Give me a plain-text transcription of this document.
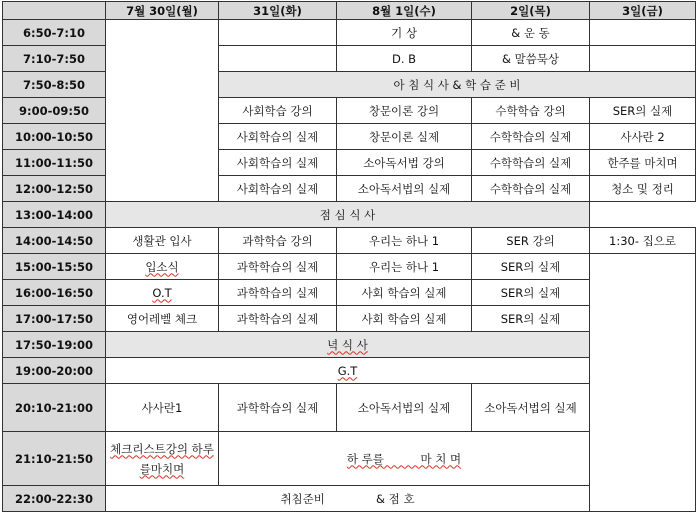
	7월 30일(월)	31일(화)	8월 1일(수)	2일(목)	3일(금)
6:50-7:10			기 상	& 운 동	
7:10-7:50			D. B	& 말씀묵상	
7:50-8:50		아 침 식 사 & 학 습 준 비			
9:00-09:50		사회학습 강의	창문이론 강의	수학학습 강의	SER의 실제
10:00-10:50		사회학습의 실제	창문이론 실제	수학학습의 실제	사사란 2
11:00-11:50		사회학습의 실제	소아독서법 강의	수학학습의 실제	한주를 마치며
12:00-12:50		사회학습의 실제	소아독서법의 실제	수학학습의 실제	청소 및 정리
13:00-14:00	점 심 식 사				
14:00-14:50	생활관 입사	과학학습 강의	우리는 하나 1	SER 강의	1:30- 집으로
15:00-15:50	입소식	과학학습의 실제	우리는 하나 1	SER의 실제	
16:00-16:50	O.T	과학학습의 실제	사회 학습의 실제	SER의 실제	
17:00-17:50	영어레벨 체크	과학학습의 실제	사회 학습의 실제	SER의 실제	
17:50-19:00	녁 식 사				
19:00-20:00	G.T				
20:10-21:00	사사란1	과학학습의 실제	소아독서법의 실제	소아독서법의 실제	
21:10-21:50	체크리스트강의 하루를마치며	하 루를          마 치 며			
22:00-22:30	취침준비              & 점 호				
